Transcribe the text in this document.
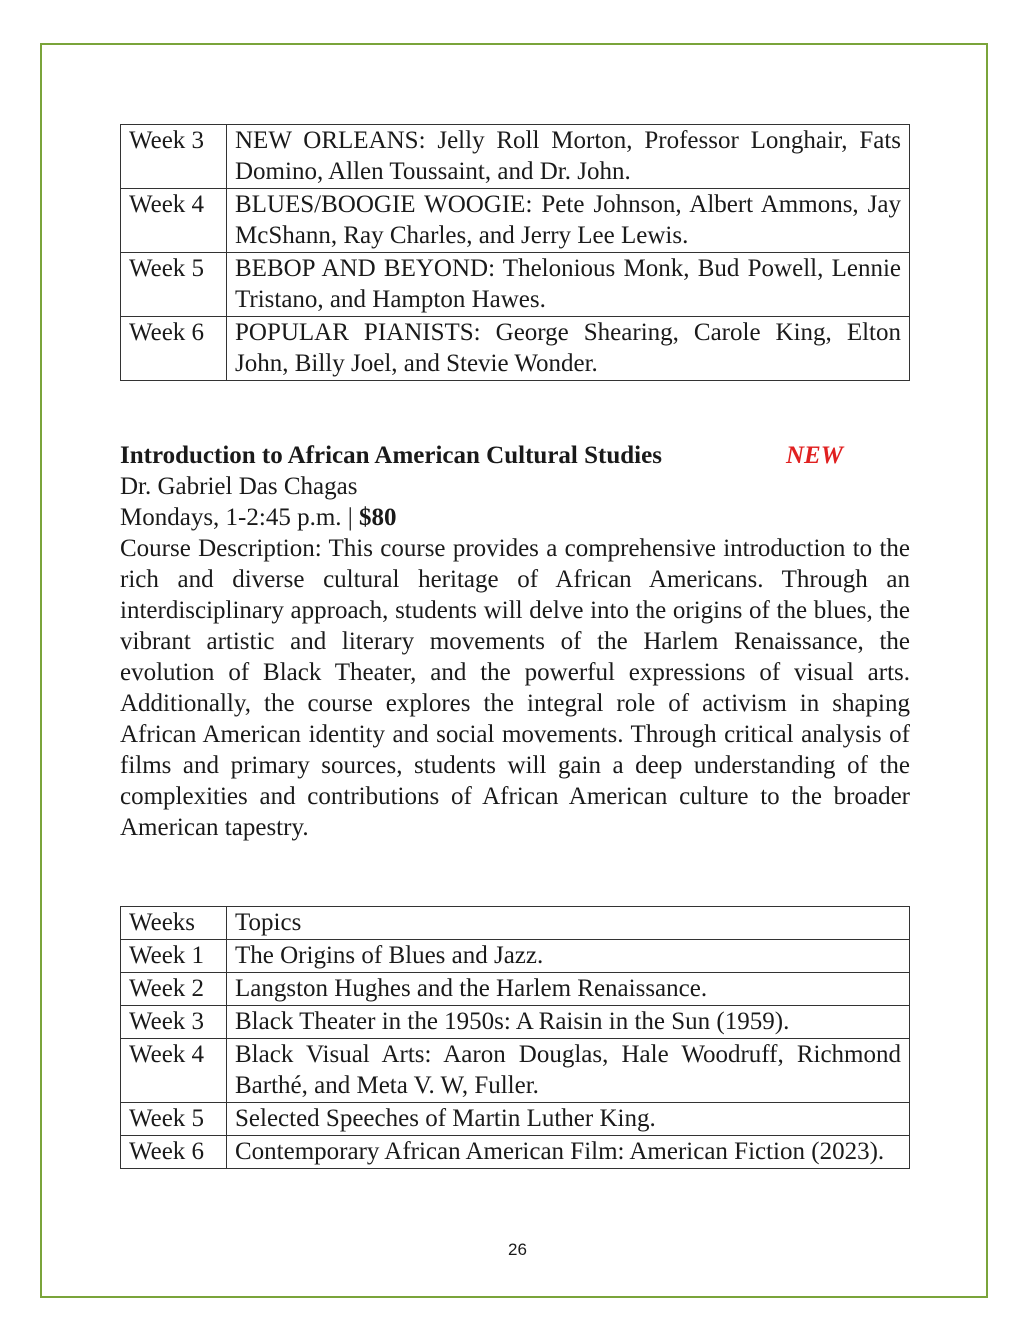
Week 3	NEW ORLEANS: Jelly Roll Morton, Professor Longhair, Fats Domino, Allen Toussaint, and Dr. John.
Week 4	BLUES/BOOGIE WOOGIE: Pete Johnson, Albert Ammons, Jay McShann, Ray Charles, and Jerry Lee Lewis.
Week 5	BEBOP AND BEYOND: Thelonious Monk, Bud Powell, Lennie Tristano, and Hampton Hawes.
Week 6	POPULAR PIANISTS: George Shearing, Carole King, Elton John, Billy Joel, and Stevie Wonder.
Introduction to African American Cultural Studies	NEW
Dr. Gabriel Das Chagas
Mondays, 1-2:45 p.m. | $80
Course Description: This course provides a comprehensive introduction to the rich and diverse cultural heritage of African Americans. Through an interdisciplinary approach, students will delve into the origins of the blues, the vibrant artistic and literary movements of the Harlem Renaissance, the evolution of Black Theater, and the powerful expressions of visual arts. Additionally, the course explores the integral role of activism in shaping African American identity and social movements. Through critical analysis of films and primary sources, students will gain a deep understanding of the complexities and contributions of African American culture to the broader American tapestry.
Weeks	Topics
Week 1	The Origins of Blues and Jazz.
Week 2	Langston Hughes and the Harlem Renaissance.
Week 3	Black Theater in the 1950s: A Raisin in the Sun (1959).
Week 4	Black Visual Arts: Aaron Douglas, Hale Woodruff, Richmond Barthé, and Meta V. W, Fuller.
Week 5	Selected Speeches of Martin Luther King.
Week 6	Contemporary African American Film: American Fiction (2023).
26
